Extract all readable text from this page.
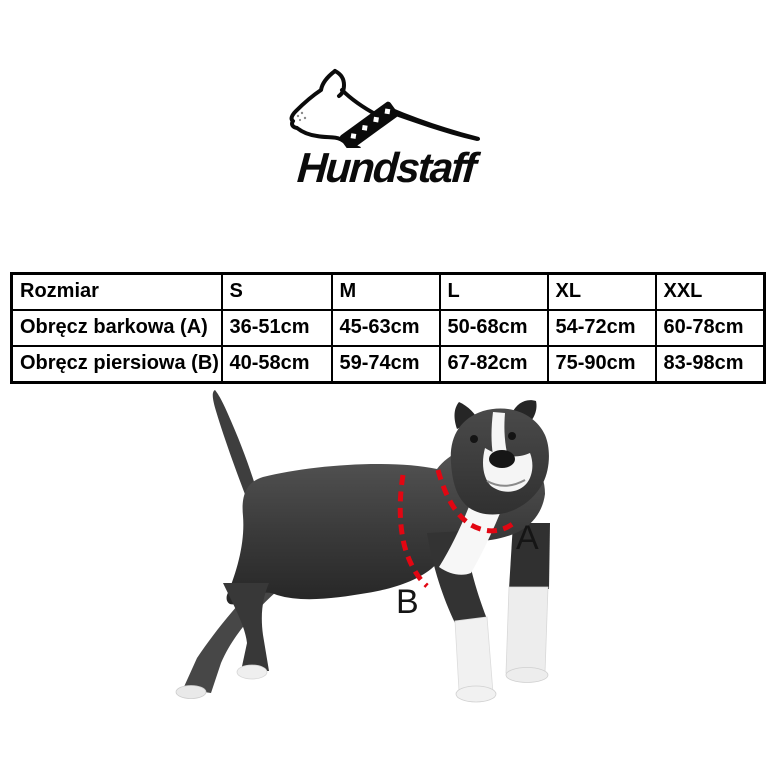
Hundstaff
Rozmiar	S	M	L	XL	XXL
Obręcz barkowa (A)	36-51cm	45-63cm	50-68cm	54-72cm	60-78cm
Obręcz piersiowa (B)	40-58cm	59-74cm	67-82cm	75-90cm	83-98cm
A
B
